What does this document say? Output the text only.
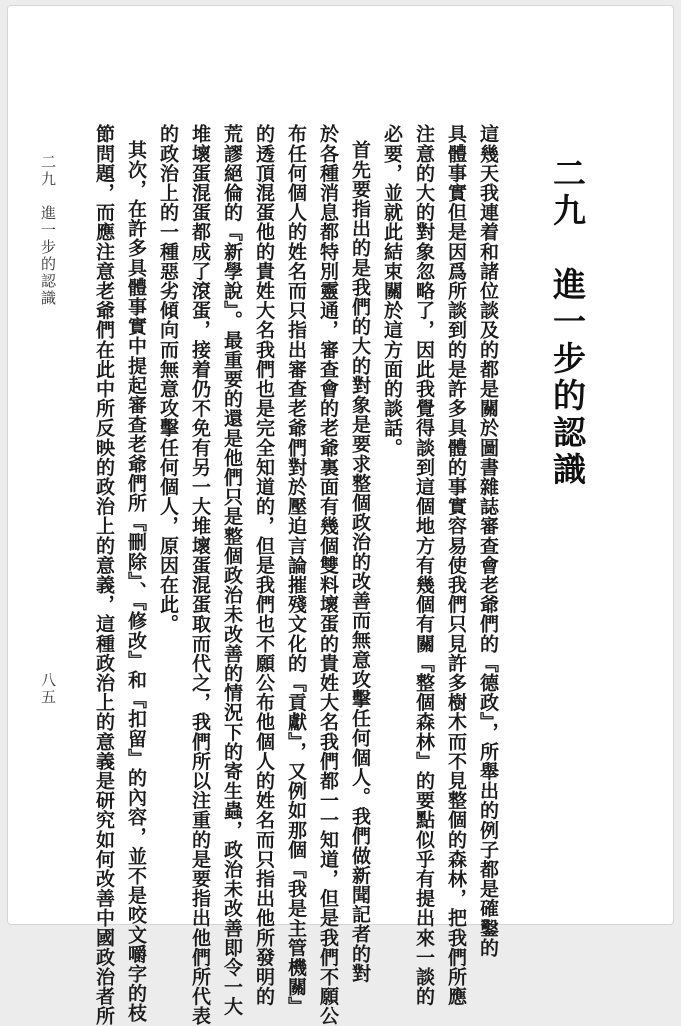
二九　進一步的認識
這幾天我連着和諸位談及的都是關於圖書雜誌審查會老爺們的『德政』，所舉出的例子都是確鑿的
具體事實但是因爲所談到的是許多具體的事實容易使我們只見許多樹木而不見整個的森林，把我們所應
注意的大的對象忽略了，因此我覺得談到這個地方有幾個有關『整個森林』的要點似乎有提出來一談的
必要，並就此結束關於這方面的談話。
首先要指出的是我們的大的對象是要求整個政治的改善而無意攻擊任何個人。我們做新聞記者的對
於各種消息都特別靈通，審查會的老爺裏面有幾個雙料壞蛋的貴姓大名我們都一一知道，但是我們不願公
布任何個人的姓名而只指出審查老爺們對於壓迫言論摧殘文化的『貢獻』，又例如那個『我是主管機關』
的透頂混蛋他的貴姓大名我們也是完全知道的，但是我們也不願公布他個人的姓名而只指出他所發明的
荒謬絕倫的『新學說』。最重要的還是他們只是整個政治未改善的情況下的寄生蟲，政治未改善即令一大
堆壞蛋混蛋都成了滾蛋，接着仍不免有另一大堆壞蛋混蛋取而代之，我們所以注重的是要指出他們所代表
的政治上的一種惡劣傾向而無意攻擊任何個人，原因在此。
其次，在許多具體事實中提起審查老爺們所『刪除』、『修改』和『扣留』的內容，並不是咬文嚼字的枝
節問題，而應注意老爺們在此中所反映的政治上的意義，這種政治上的意義是研究如何改善中國政治者所
二九　進一步的認識
八五
